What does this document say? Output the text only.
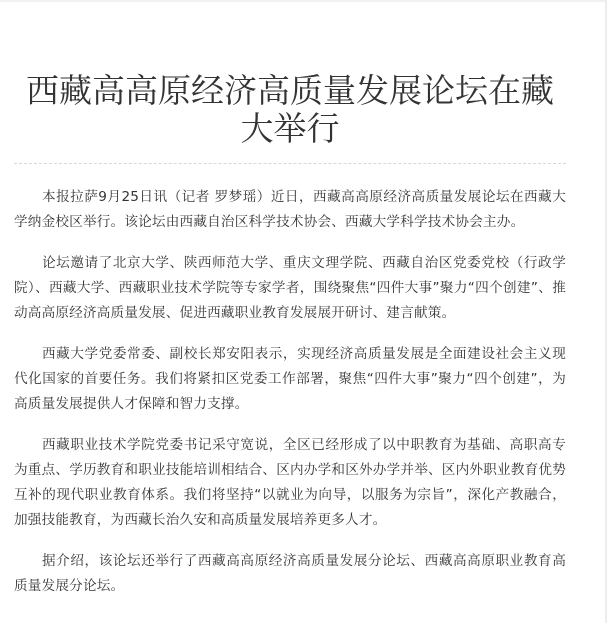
西藏高高原经济高质量发展论坛在藏大举行

本报拉萨9月25日讯（记者 罗梦瑶）近日，西藏高高原经济高质量发展论坛在西藏大学纳金校区举行。该论坛由西藏自治区科学技术协会、西藏大学科学技术协会主办。

论坛邀请了北京大学、陕西师范大学、重庆文理学院、西藏自治区党委党校（行政学院）、西藏大学、西藏职业技术学院等专家学者，围绕聚焦“四件大事”聚力“四个创建”、推动高高原经济高质量发展、促进西藏职业教育发展展开研讨、建言献策。

西藏大学党委常委、副校长郑安阳表示，实现经济高质量发展是全面建设社会主义现代化国家的首要任务。我们将紧扣区党委工作部署，聚焦“四件大事”聚力“四个创建”，为高质量发展提供人才保障和智力支撑。

西藏职业技术学院党委书记采守宽说，全区已经形成了以中职教育为基础、高职高专为重点、学历教育和职业技能培训相结合、区内办学和区外办学并举、区内外职业教育优势互补的现代职业教育体系。我们将坚持“以就业为向导，以服务为宗旨”，深化产教融合，加强技能教育，为西藏长治久安和高质量发展培养更多人才。

据介绍，该论坛还举行了西藏高高原经济高质量发展分论坛、西藏高高原职业教育高质量发展分论坛。
